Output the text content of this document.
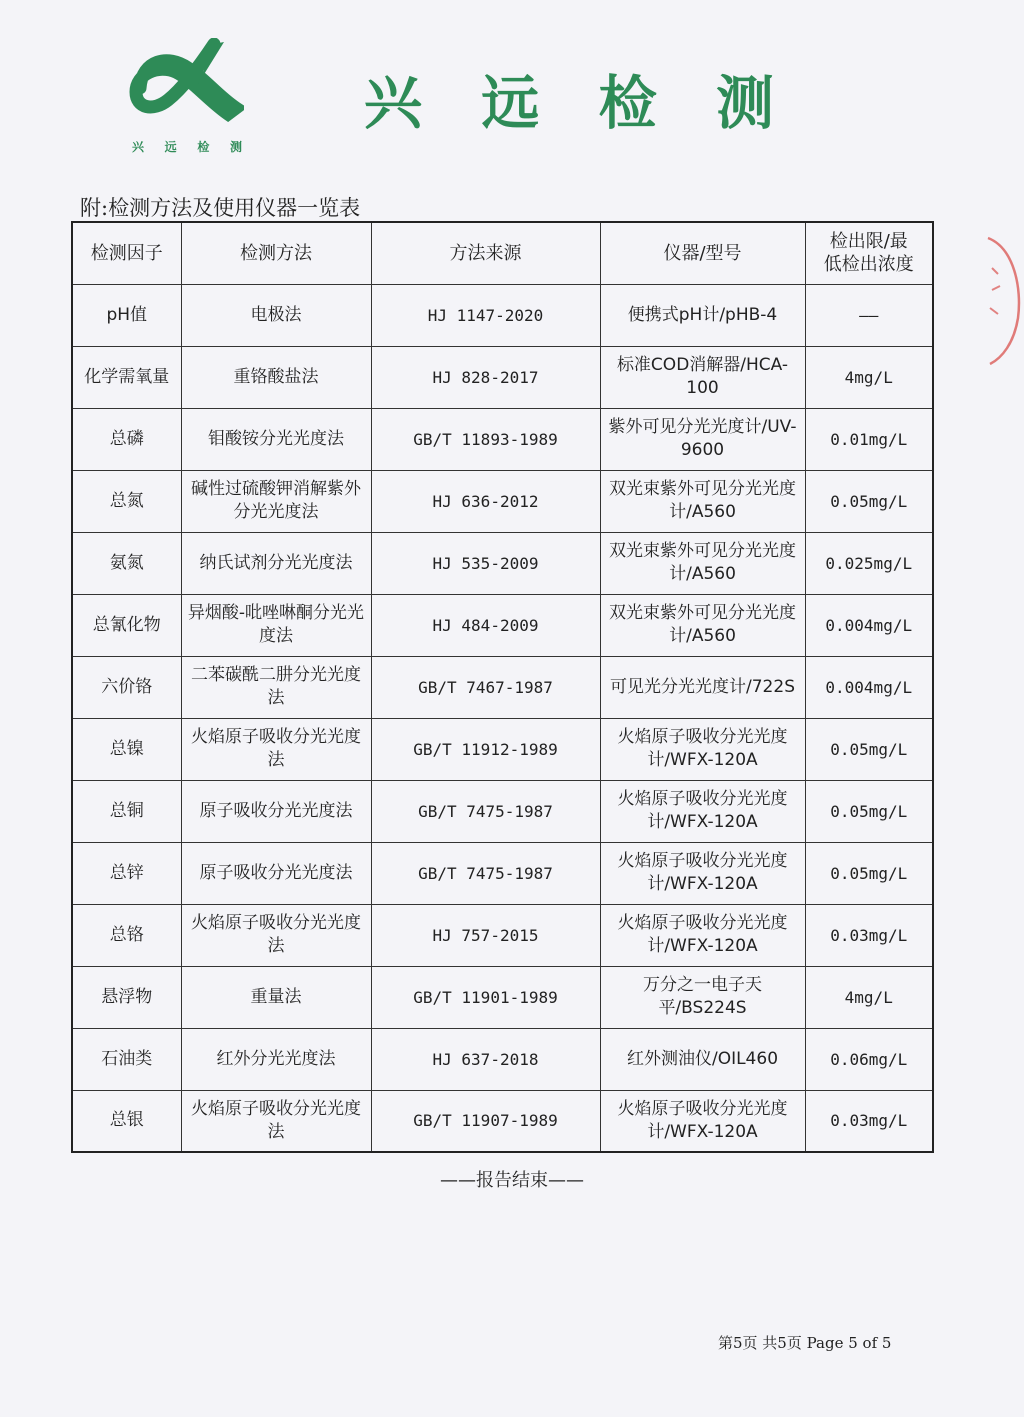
兴 远 检 测
兴 远 检 测
附:检测方法及使用仪器一览表
检测因子	检测方法	方法来源	仪器/型号	检出限/最低检出浓度
pH值	电极法	HJ 1147-2020	便携式pH计/pHB-4	——
化学需氧量	重铬酸盐法	HJ 828-2017	标准COD消解器/HCA-100	4mg/L
总磷	钼酸铵分光光度法	GB/T 11893-1989	紫外可见分光光度计/UV-9600	0.01mg/L
总氮	碱性过硫酸钾消解紫外分光光度法	HJ 636-2012	双光束紫外可见分光光度计/A560	0.05mg/L
氨氮	纳氏试剂分光光度法	HJ 535-2009	双光束紫外可见分光光度计/A560	0.025mg/L
总氰化物	异烟酸-吡唑啉酮分光光度法	HJ 484-2009	双光束紫外可见分光光度计/A560	0.004mg/L
六价铬	二苯碳酰二肼分光光度法	GB/T 7467-1987	可见光分光光度计/722S	0.004mg/L
总镍	火焰原子吸收分光光度法	GB/T 11912-1989	火焰原子吸收分光光度计/WFX-120A	0.05mg/L
总铜	原子吸收分光光度法	GB/T 7475-1987	火焰原子吸收分光光度计/WFX-120A	0.05mg/L
总锌	原子吸收分光光度法	GB/T 7475-1987	火焰原子吸收分光光度计/WFX-120A	0.05mg/L
总铬	火焰原子吸收分光光度法	HJ 757-2015	火焰原子吸收分光光度计/WFX-120A	0.03mg/L
悬浮物	重量法	GB/T 11901-1989	万分之一电子天平/BS224S	4mg/L
石油类	红外分光光度法	HJ 637-2018	红外测油仪/OIL460	0.06mg/L
总银	火焰原子吸收分光光度法	GB/T 11907-1989	火焰原子吸收分光光度计/WFX-120A	0.03mg/L
——报告结束——
第5页 共5页 Page 5 of 5
